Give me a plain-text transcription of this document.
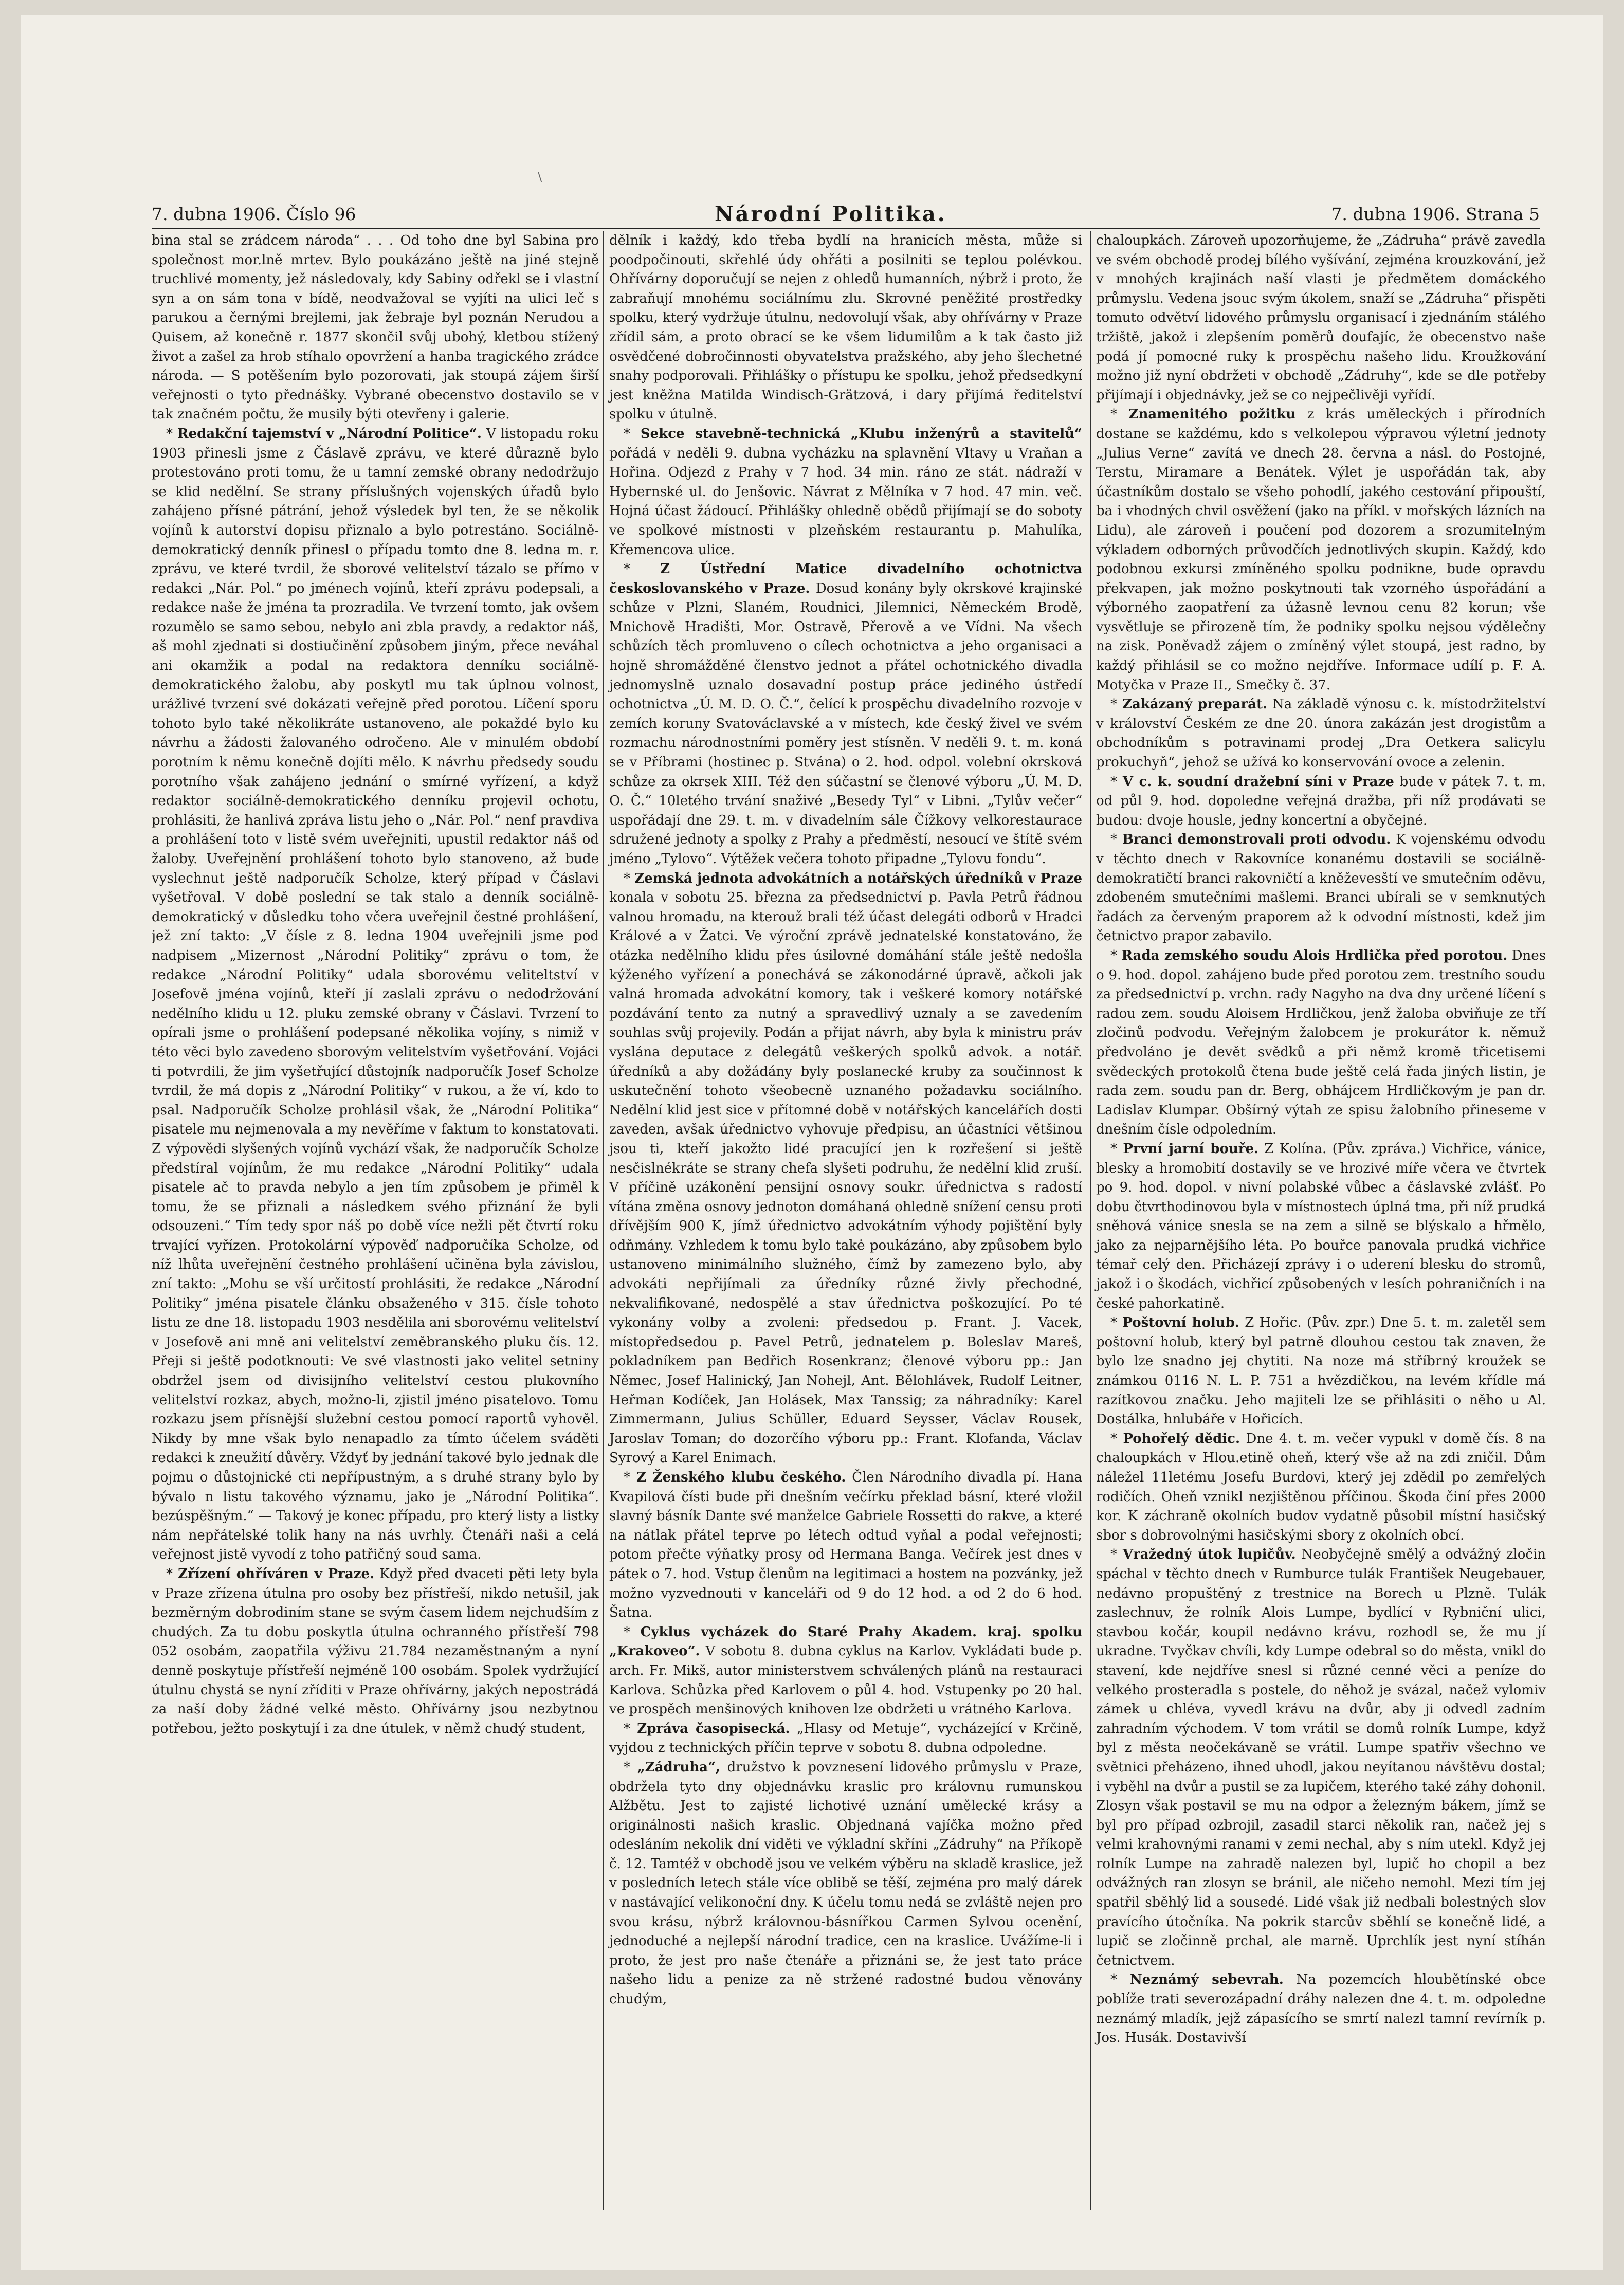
\
7. dubna 1906. Číslo 96	Národní Politika.	7. dubna 1906. Strana 5

bina stal se zrádcem národa“ . . . Od toho dne byl Sabina pro společnost mor.lně mrtev. Bylo poukázáno ještě na jiné stejně truchlivé momenty, jež následovaly, kdy Sabiny odřekl se i vlastní syn a on sám tona v bídě, neodvažoval se vyjíti na ulici leč s parukou a černými brejlemi, jak žebraje byl poznán Nerudou a Quisem, až konečně r. 1877 skončil svůj ubohý, kletbou stížený život a zašel za hrob stíhalo opovržení a hanba tragického zrádce národa. — S potěšením bylo pozorovati, jak stoupá zájem širší veřejnosti o tyto přednášky. Vybrané obecenstvo dostavilo se v tak značném počtu, že musily býti otevřeny i galerie.

* Redakční tajemství v „Národní Politice“. V listopadu roku 1903 přinesli jsme z Čáslavě zprávu, ve které důrazně bylo protestováno proti tomu, že u tamní zemské obrany nedodržujo se klid nedělní. Se strany příslušných vojenských úřadů bylo zahájeno přísné pátrání, jehož výsledek byl ten, že se několik vojínů k autorství dopisu přiznalo a bylo potrestáno. Sociálně-demokratický denník přinesl o případu tomto dne 8. ledna m. r. zprávu, ve které tvrdil, že sborové velitelství tázalo se přímo v redakci „Nár. Pol.“ po jménech vojínů, kteří zprávu podepsali, a redakce naše že jména ta prozradila. Ve tvrzení tomto, jak ovšem rozumělo se samo sebou, nebylo ani zbla pravdy, a redaktor náš, aš mohl zjednati si dostiučinění způsobem jiným, přece neváhal ani okamžik a podal na redaktora denníku sociálně-demokratického žalobu, aby poskytl mu tak úplnou volnost, urážlivé tvrzení své dokázati veřejně před porotou. Líčení sporu tohoto bylo také několikráte ustanoveno, ale pokaždé bylo ku návrhu a žádosti žalovaného odročeno. Ale v minulém období porotním k němu konečně dojíti mělo. K návrhu předsedy soudu porotního však zahájeno jednání o smírné vyřízení, a když redaktor sociálně-demokratického denníku projevil ochotu, prohlásiti, že hanlivá zpráva listu jeho o „Nár. Pol.“ nenf pravdivа a prohlášení toto v listě svém uveřejniti, upustil redaktor náš od žaloby. Uveřejnění prohlášení tohoto bylo stanoveno, až bude vyslechnut ještě nadporučík Scholze, který případ v Čáslavi vyšetřoval. V době poslední se tak stalo a denník sociálně-demokratický v důsledku toho včera uveřejnil čestné prohlášení, jež zní takto: „V čísle z 8. ledna 1904 uveřejnili jsme pod nadpisem „Mizernost „Národní Politiky“ zprávu o tom, že redakce „Národní Politiky“ udala sborovému veliteltství v Josefově jména vojínů, kteří jí zaslali zprávu o nedodržování nedělního klidu u 12. pluku zemské obrany v Čáslavi. Tvrzení to opírali jsme o prohlášení podepsané několika vojíny, s nimiž v této věci bylo zavedeno sborovým velitelstvím vyšetřování. Vojáci ti potvrdili, že jim vyšetřující důstojník nadporučík Josef Scholze tvrdil, že má dopis z „Národní Politiky“ v rukou, a že ví, kdo to psal. Nadporučík Scholze prohlásil však, že „Národní Politika“ pisatele mu nejmenovala a my nevěříme v faktum to konstatovati. Z výpovědi slyšených vojínů vychází však, že nadporučík Scholze předstíral vojínům, že mu redakce „Národní Politiky“ udala pisatele ač to pravda nebylo a jen tím způsobem je přiměl k tomu, že se přiznali a následkem svého přiznání že byli odsouzeni.“ Tím tedy spor náš po době více nežli pět čtvrtí roku trvající vyřízen. Protokolární výpověď nadporučíka Scholze, od níž lhůta uveřejnění čestného prohlášení učiněna byla závislou, zní takto: „Mohu se vší určitostí prohlásiti, že redakce „Národní Politiky“ jména pisatele článku obsaženého v 315. čísle tohoto listu ze dne 18. listopadu 1903 nesdělila ani sborovému velitelství v Josefově ani mně ani velitelství zeměbranského pluku čís. 12. Přeji si ještě podotknouti: Ve své vlastnosti jako velitel setniny obdržel jsem od divisijního velitelství cestou plukovního velitelství rozkaz, abych, možno-li, zjistil jméno pisatelovo. Tomu rozkazu jsem přísnější služební cestou pomocí raportů vyhověl. Nikdy by mne však bylo nenapadlo za tímto účelem sváděti redakci k zneužití důvěry. Vždyť by jednání takové bylo jednak dle pojmu o důstojnické cti nepřípustným, a s druhé strany bylo by bývalo n listu takového významu, jako je „Národní Politika“. bezúspěšným.“ — Takový je konec případu, pro který listy a listky nám nepřátelské tolik hany na nás uvrhly. Čtenáři naši a celá veřejnost jistě vyvodí z toho patřičný soud sama.

* Zřízení ohříváren v Praze. Když před dvaceti pěti lety byla v Praze zřízena útulna pro osoby bez přístřeší, nikdo netušil, jak bezměrným dobrodiním stane se svým časem lidem nejchudším z chudých. Za tu dobu poskytla útulna ochranného přístřeší 798 052 osobám, zaopatřila výživu 21.784 nezaměstnaným a nyní denně poskytuje přístřeší nejméně 100 osobám. Spolek vydržující útulnu chystá se nyní zříditi v Praze ohřívárny, jakých nepostrádá za naší doby žádné velké město. Ohřívárny jsou nezbytnou potřebou, ježto poskytují i za dne útulek, v němž chudý student,

dělník i každý, kdo třeba bydlí na hranicích města, může si poodpočinouti, skřehlé údy ohřáti a posilniti se teplou polévkou. Ohřívárny doporučují se nejen z ohledů humanních, nýbrž i proto, že zabraňují mnohému sociálnímu zlu. Skrovné peněžité prostředky spolku, který vydržuje útulnu, nedovolují však, aby ohřívárny v Praze zřídil sám, a proto obrací se ke všem lidumilům a k tak často již osvědčené dobročinnosti obyvatelstva pražského, aby jeho šlechetné snahy podporovali. Přihlášky o přístupu ke spolku, jehož předsedkyní jest kněžna Matilda Windisch-Grätzová, i dary přijímá ředitelství spolku v útulně.

* Sekce stavebně-technická „Klubu inženýrů a stavitelů“ pořádá v neděli 9. dubna vycházku na splavnění Vltavy u Vraňan a Hořina. Odjezd z Prahy v 7 hod. 34 min. ráno ze stát. nádraží v Hybernské ul. do Jenšovic. Návrat z Mělníka v 7 hod. 47 min. več. Hojná účast žádoucí. Přihlášky ohledně obědů přijímají se do soboty ve spolkové místnosti v plzeňském restaurantu p. Mahulíka, Křemencova ulice.

* Z Ústřední Matice divadelního ochotnictva českoslovanského v Praze. Dosud konány byly okrskové krajinské schůze v Plzni, Slaném, Roudnici, Jilemnici, Německém Brodě, Mnichově Hradišti, Mor. Ostravě, Přerově a ve Vídni. Na všech schůzích těch promluveno o cílech ochotnictva a jeho organisaci a hojně shromážděné členstvo jednot a přátel ochotnického divadla jednomyslně uznalo dosavadní postup práce jediného ústředí ochotnictva „Ú. M. D. O. Č.“, čelící k prospěchu divadelního rozvoje v zemích koruny Svatováclavské a v místech, kde český živel ve svém rozmachu národnostními poměry jest stísněn. V neděli 9. t. m. koná se v Příbrami (hostinec p. Stvána) o 2. hod. odpol. volební okrsková schůze za okrsek XIII. Též den súčastní se členové výboru „Ú. M. D. O. Č.“ 10letého trvání snaživé „Besedy Tyl“ v Libni. „Tylův večer“ uspořádají dne 29. t. m. v divadelním sále Čížkovy velkorestaurace sdružené jednoty a spolky z Prahy a předměstí, nesoucí ve štítě svém jméno „Tylovo“. Výtěžek večera tohoto připadne „Tylovu fondu“.

* Zemská jednota advokátních a notářských úředníků v Praze konala v sobotu 25. března za předsednictví p. Pavla Petrů řádnou valnou hromadu, na kterouž brali též účast delegáti odborů v Hradci Králové a v Žatci. Ve výroční zprávě jednatelské konstatováno, že otázka nedělního klidu přes úsilovné domáhání stále ještě nedošla kýženého vyřízení a ponechává se zákonodárné úpravě, ačkoli jak valná hromada advokátní komory, tak i veškeré komory notářské pozdávání tento za nutný a spravedlivý uznaly a se zavedením souhlas svůj projevily. Podán a přijat návrh, aby byla k ministru práv vyslána deputace z delegátů veškerých spolků advok. a notář. úředníků a aby dožádány byly poslanecké kruby za součinnost k uskutečnění tohoto všeobecně uznaného požadavku sociálního. Nedělní klid jest sice v přítomné době v notářských kancelářích dosti zaveden, avšak úřednictvo vyhovuje předpisu, an účastníci většinou jsou ti, kteří jakožto lidé pracující jen k rozřešení si ještě nesčislnékráte se strany chefa slyšeti podruhu, že nedělní klid zruší. V příčině uzákonění pensijní osnovy soukr. úřednictva s radostí vítána změna osnovy jednoton domáhaná ohledně snížení censu proti dřívějším 900 K, jímž úřednictvo advokátním výhody pojištění byly odňmány. Vzhledem k tomu bylo takė poukázáno, aby způsobem bylo ustanoveno minimálního služného, čímž by zamezeno bylo, aby advokáti nepřijímali za úředníky různé živly přechodné, nekvalifikované, nedospělé a stav úřednictva poškozující. Po té vykonány volby a zvoleni: předsedou p. Frant. J. Vacek, místopředsedou p. Pavel Petrů, jednatelem p. Boleslav Mareš, pokladníkem pan Bedřich Rosenkranz; členové výboru pp.: Jan Němec, Josef Halinický, Jan Nohejl, Ant. Bělohlávek, Rudolf Leitner, Heřman Kodíček, Jan Holásek, Max Tanssig; za náhradníky: Karel Zimmermann, Julius Schüller, Eduard Seysser, Václav Rousek, Jaroslav Toman; do dozorčího výboru pp.: Frant. Klofanda, Václav Syrový a Karel Enimach.

* Z Ženského klubu českého. Člen Národního divadla pí. Hana Kvapilová čísti bude při dnešním večírku překlad básní, které vložil slavný básník Dante své manželce Gabriele Rossetti do rakve, a které na nátlak přátel teprve po létech odtud vyňal a podal veřejnosti; potom přečte výňatky prosy od Hermana Banga. Večírek jest dnes v pátek o 7. hod. Vstup členům na legitimaci a hostem na pozvánky, jež možno vyzvednouti v kanceláři od 9 do 12 hod. a od 2 do 6 hod. Šatna.

* Cyklus vycházek do Staré Prahy Akadem. kraj. spolku „Krakoveo“. V sobotu 8. dubna cyklus na Karlov. Vykládati bude p. arch. Fr. Mikš, autor ministerstvem schválených plánů na restauraci Karlova. Schůzka před Karlovem o půl 4. hod. Vstupenky po 20 hal. ve prospěch menšinových knihoven lze obdržeti u vrátného Karlova.

* Zpráva časopisecká. „Hlasy od Metuje“, vycházející v Krčině, vyjdou z technických příčin teprve v sobotu 8. dubna odpoledne.

* „Zádruha“, družstvo k povznesení lidového průmyslu v Praze, obdržela tyto dny objednávku kraslic pro královnu rumunskou Alžbětu. Jest to zajisté lichotivé uznání umělecké krásy a originálnosti našich kraslic. Objednaná vajíčka možno před odesláním nekolik dní viděti ve výkladní skříni „Zádruhy“ na Příkopě č. 12. Tamtéž v obchodě jsou ve velkém výběru na skladě kraslice, jež v posledních letech stále více oblibě se těší, zejména pro malý dárek v nastávající velikonoční dny. K účelu tomu nedá se zvláště nejen pro svou krásu, nýbrž královnou-básnířkou Carmen Sylvou ocenění, jednoduché a nejlepší národní tradice, cen na kraslice. Uvážíme-li i proto, že jest pro naše čtenáře a přiznáni se, že jest tato práce našeho lidu a penize za ně stržené radostné budou věnovány chudým,

chaloupkách. Zároveň upozorňujeme, že „Zádruha“ právě zavedla ve svém obchodě prodej bílého vyšívání, zejména krouzkování, jež v mnohých krajinách naší vlasti je předmětem domáckého průmyslu. Vedena jsouc svým úkolem, snaží se „Zádruha“ přispěti tomuto odvětví lidového průmyslu organisací i zjednáním stálého tržiště, jakož i zlepšením poměrů doufajíc, že obecenstvo naše podá jí pomocné ruky k prospěchu našeho lidu. Kroužkování možno již nyní obdržeti v obchodě „Zádruhy“, kde se dle potřeby přijímají i objednávky, jež se co nejpečlivěji vyřídí.

* Znamenitého požitku z krás uměleckých i přírodních dostane se každému, kdo s velkolepou výpravou výletní jednoty „Julius Verne“ zavítá ve dnech 28. června a násl. do Postojné, Terstu, Miramare a Benátek. Výlet je uspořádán tak, aby účastníkům dostalo se všeho pohodlí, jakého cestování připouští, ba i vhodných chvil osvěžení (jako na příkl. v mořských lázních na Lidu), ale zároveň i poučení pod dozorem a srozumitelným výkladem odborných průvodčích jednotlivých skupin. Každý, kdo podobnou exkursi zmíněného spolku podnikne, bude opravdu překvapen, jak možno poskytnouti tak vzorného úspořádání a výborného zaopatření za úžasně levnou cenu 82 korun; vše vysvětluje se přirozeně tím, že podniky spolku nejsou výdělečny na zisk. Poněvadž zájem o zmíněný výlet stoupá, jest radno, by každý přihlásil se co možno nejdříve. Informace udílí p. F. A. Motyčka v Praze II., Smečky č. 37.

* Zakázaný preparát. Na základě výnosu c. k. místodržitelství v království Českém ze dne 20. února zakázán jest drogistům a obchodníkům s potravinami prodej „Dra Oetkera salicylu prokuchyň“, jehož se užívá ko konservování ovoce a zelenin.

* V c. k. soudní dražební síni v Praze bude v pátek 7. t. m. od půl 9. hod. dopoledne veřejná dražba, při níž prodávati se budou: dvoje housle, jedny koncertní a obyčejné.

* Branci demonstrovali proti odvodu. K vojenskému odvodu v těchto dnech v Rakovníce konanému dostavili se sociálně-demokratičtí branci rakovničtí a kněževesští ve smutečním oděvu, zdobeném smutečními mašlemi. Branci ubírali se v semknutých řadách za červeným praporem až k odvodní místnosti, kdež jim četnictvo prapor zabavilo.

* Rada zemského soudu Alois Hrdlička před porotou. Dnes o 9. hod. dopol. zahájeno bude před porotou zem. trestního soudu za předsednictví p. vrchn. rady Nagyho na dva dny určené líčení s radou zem. soudu Aloisem Hrdličkou, jenž žaloba obviňuje ze tří zločinů podvodu. Veřejným žalobcem je prokurátor k. němuž předvoláno je devět svědků a při němž kromě třicetisemi svědeckých protokolů čtena bude ještě celá řada jiných listin, je rada zem. soudu pan dr. Berg, obhájcem Hrdličkovým je pan dr. Ladislav Klumpar. Obšírný výtah ze spisu žalobního přineseme v dnešním čísle odpoledním.

* První jarní bouře. Z Kolína. (Pův. zpráva.) Vichřice, vánice, blesky a hromobití dostavily se ve hrozivé míře včera ve čtvrtek po 9. hod. dopol. v nivní polabské vůbec a čáslavské zvlášť. Po dobu čtvrthodinovou byla v místnostech úplná tma, při níž prudká sněhová vánice snesla se na zem a silně se blýskalo a hřmělo, jako za nejparnějšího léta. Po bouřce panovala prudká vichřice témař celý den. Přicházejí zprávy i o uderení blesku do stromů, jakož i o škodách, vichřicí způsobených v lesích pohraničních i na české pahorkatině.

* Poštovní holub. Z Hořic. (Pův. zpr.) Dne 5. t. m. zaletěl sem poštovní holub, který byl patrně dlouhou cestou tak znaven, že bylo lze snadno jej chytiti. Na noze má stříbrný kroužek se známkou 0116 N. L. P. 751 a hvězdičkou, na levém křídle má razítkovou značku. Jeho majiteli lze se přihlásiti o něho u Al. Dostálka, hnlubáře v Hořicích.

* Pohořelý dědic. Dne 4. t. m. večer vypukl v domě čís. 8 na chaloupkách v Hlou.etině oheň, který vše až na zdi zničil. Dům náležel 11letému Josefu Burdovi, který jej zdědil po zemřelých rodičích. Oheň vznikl nezjištěnou příčinou. Škoda činí přes 2000 kor. K záchraně okolních budov vydatně působil místní hasičský sbor s dobrovolnými hasičskými sbory z okolních obcí.

* Vražedný útok lupičův. Neobyčejně smělý a odvážný zločin spáchal v těchto dnech v Rumburce tulák František Neugebauer, nedávno propuštěný z trestnice na Borech u Plzně. Tulák zaslechnuv, že rolník Alois Lumpe, bydlící v Rybniční ulici, stavbou kočár, koupil nedávno krávu, rozhodl se, že mu jí ukradne. Tvyčkav chvíli, kdy Lumpe odebral so do města, vnikl do stavení, kde nejdříve snesl si různé cenné věci a peníze do velkého prosteradla s postele, do něhož je svázal, načež vylomiv zámek u chléva, vyvedl krávu na dvůr, aby ji odvedl zadním zahradním východem. V tom vrátil se domů rolník Lumpe, když byl z města neočekávaně se vrátil. Lumpe spatřiv všechno ve světnici přeházeno, ihned uhodl, jakou neyítanou návštěvu dostal; i vyběhl na dvůr a pustil se za lupičem, kterého také záhy dohonil. Zlosyn však postavil se mu na odpor a železným bákem, jímž se byl pro případ ozbrojil, zasadil starci několik ran, načež jej s velmi krahovnými ranami v zemi nechal, aby s ním utekl. Když jej rolník Lumpe na zahradě nalezen byl, lupič ho chopil a bez odvážných ran zlosyn se bránil, ale ničeho nemohl. Mezi tím jej spatřil sběhlý lid a sousedé. Lidé však již nedbali bolestných slov pravícího útočníka. Na pokrik starcův sběhlí se konečně lidé, a lupič se zločinně prchal, ale marně. Uprchlík jest nyní stíhán četnictvem.

* Neznámý sebevrah. Na pozemcích hloubětínské obce poblíže trati severozápadní dráhy nalezen dne 4. t. m. odpoledne neznámý mladík, jejž zápasícího se smrtí nalezl tamní revírník p. Jos. Husák. Dostavivší
